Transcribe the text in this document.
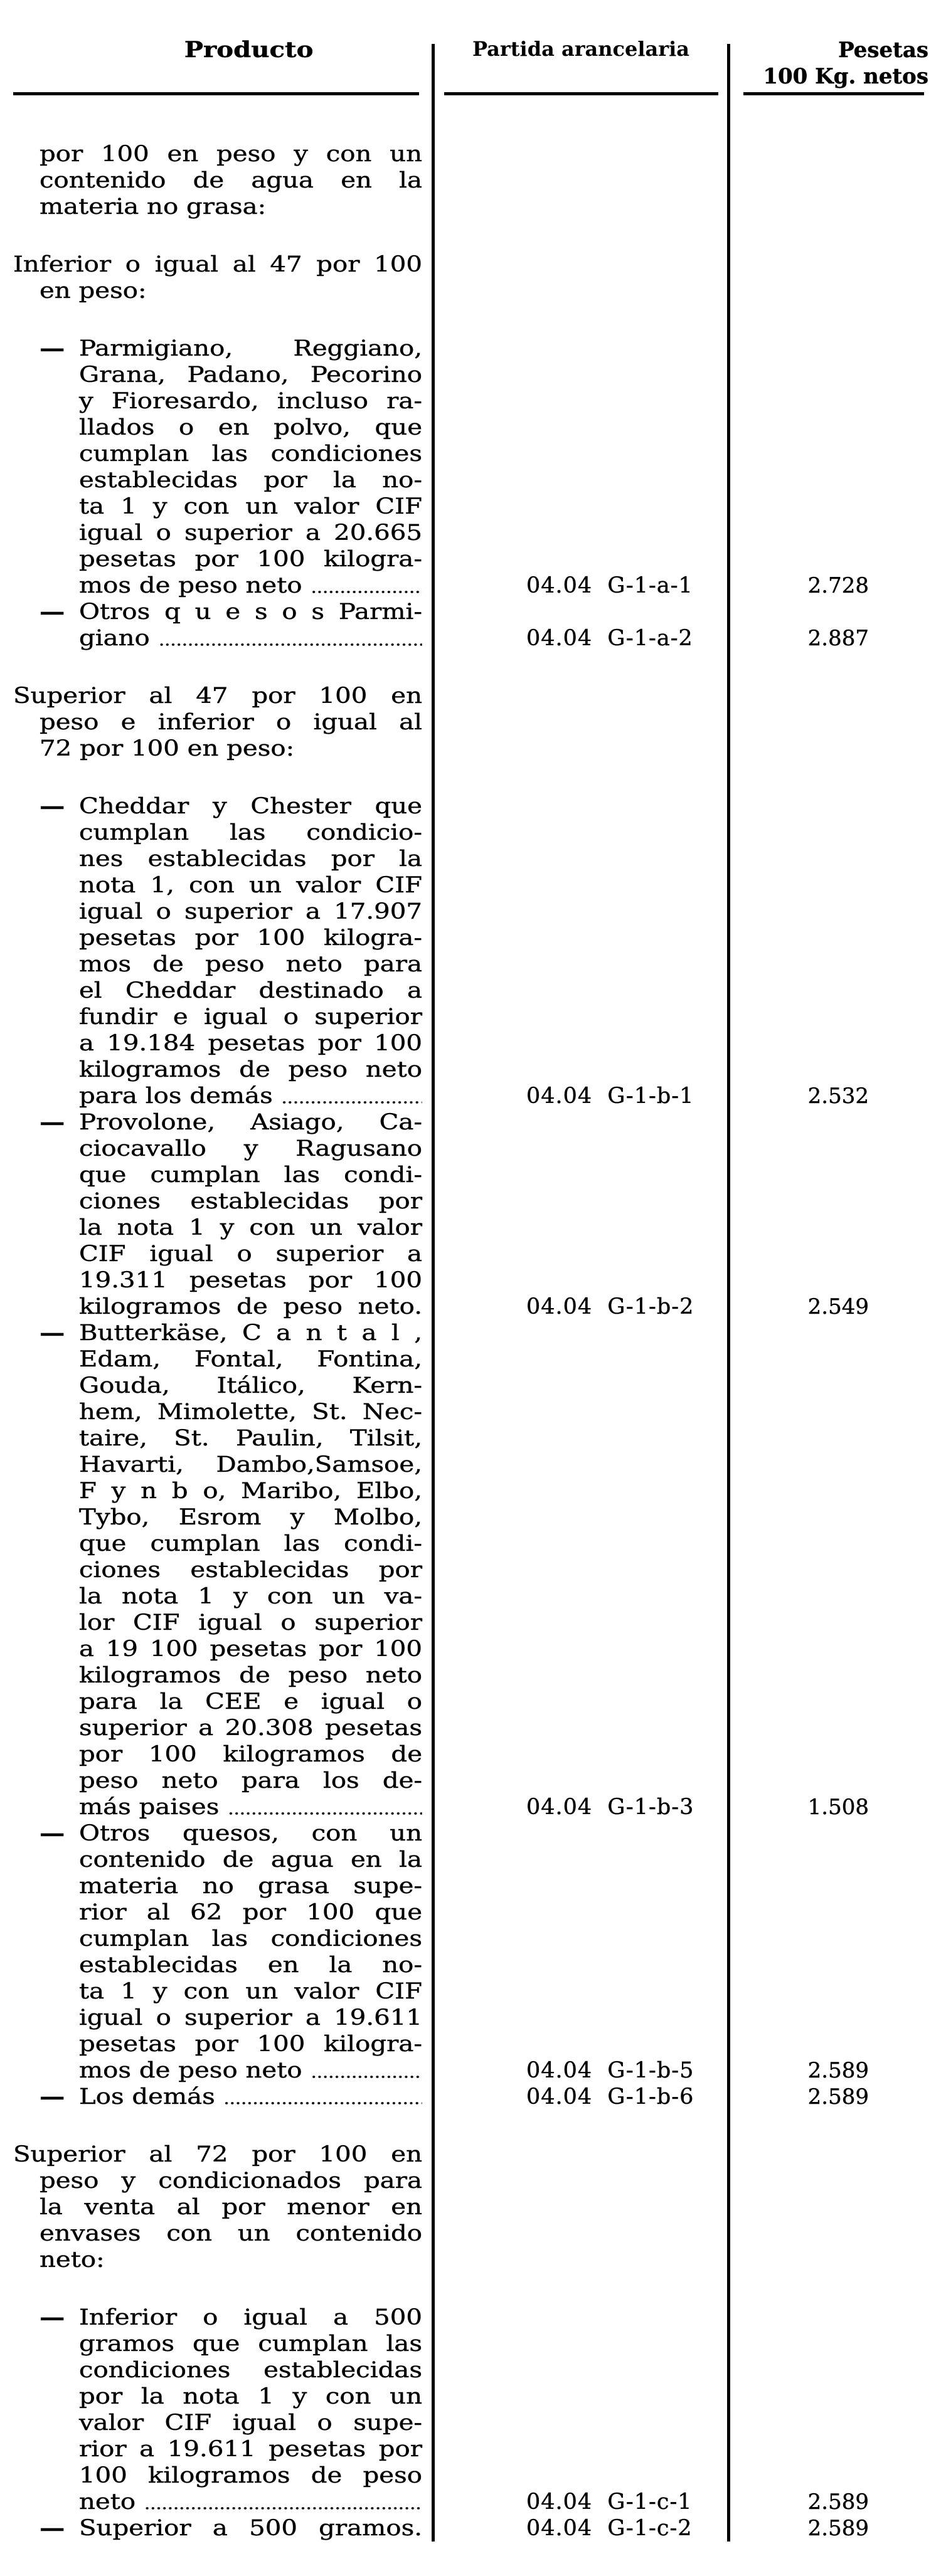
Producto	Partida arancelaria	Pesetas
100 Kg. netos
por 100 en peso y con un
contenido de agua en la
materia no grasa:
Inferior o igual al 47 por 100
en peso:
— Parmigiano, Reggiano,
Grana, Padano, Pecorino
y Fioresardo, incluso ra-
llados o en polvo, que
cumplan las condiciones
establecidas por la no-
ta 1 y con un valor CIF
igual o superior a 20.665
pesetas por 100 kilogra-
mos de peso neto	04.04 G-1-a-1	2.728
— Otros q u e s o s Parmi-
giano	04.04 G-1-a-2	2.887
Superior al 47 por 100 en
peso e inferior o igual al
72 por 100 en peso:
— Cheddar y Chester que
cumplan las condicio-
nes establecidas por la
nota 1, con un valor CIF
igual o superior a 17.907
pesetas por 100 kilogra-
mos de peso neto para
el Cheddar destinado a
fundir e igual o superior
a 19.184 pesetas por 100
kilogramos de peso neto
para los demás	04.04 G-1-b-1	2.532
— Provolone, Asiago, Ca-
ciocavallo y Ragusano
que cumplan las condi-
ciones establecidas por
la nota 1 y con un valor
CIF igual o superior a
19.311 pesetas por 100
kilogramos de peso neto.	04.04 G-1-b-2	2.549
— Butterkäse, C a n t a l ,
Edam, Fontal, Fontina,
Gouda, Itálico, Kern-
hem, Mimolette, St. Nec-
taire, St. Paulin, Tilsit,
Havarti, Dambo,Samsoe,
F y n b o, Maribo, Elbo,
Tybo, Esrom y Molbo,
que cumplan las condi-
ciones establecidas por
la nota 1 y con un va-
lor CIF igual o superior
a 19 100 pesetas por 100
kilogramos de peso neto
para la CEE e igual o
superior a 20.308 pesetas
por 100 kilogramos de
peso neto para los de-
más paises	04.04 G-1-b-3	1.508
— Otros quesos, con un
contenido de agua en la
materia no grasa supe-
rior al 62 por 100 que
cumplan las condiciones
establecidas en la no-
ta 1 y con un valor CIF
igual o superior a 19.611
pesetas por 100 kilogra-
mos de peso neto	04.04 G-1-b-5	2.589
— Los demás	04.04 G-1-b-6	2.589
Superior al 72 por 100 en
peso y condicionados para
la venta al por menor en
envases con un contenido
neto:
— Inferior o igual a 500
gramos que cumplan las
condiciones establecidas
por la nota 1 y con un
valor CIF igual o supe-
rior a 19.611 pesetas por
100 kilogramos de peso
neto	04.04 G-1-c-1	2.589
— Superior a 500 gramos.	04.04 G-1-c-2	2.589
